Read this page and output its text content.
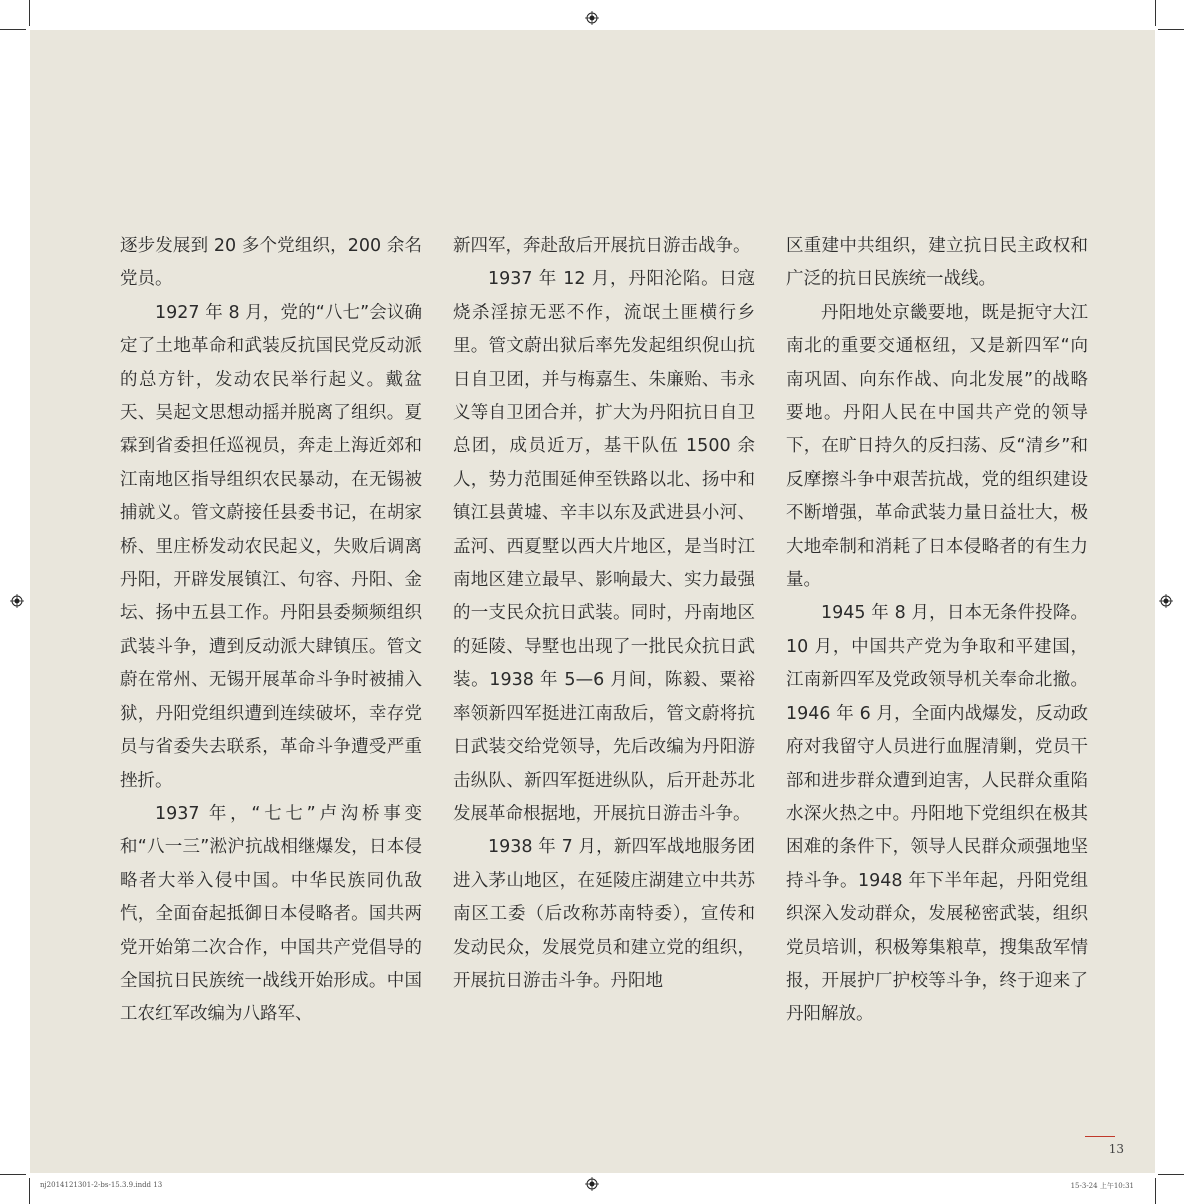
逐步发展到 20 多个党组织，200 余名党员。

1927 年 8 月，党的“八七”会议确定了土地革命和武装反抗国民党反动派的总方针，发动农民举行起义。戴盆天、吴起文思想动摇并脱离了组织。夏霖到省委担任巡视员，奔走上海近郊和江南地区指导组织农民暴动，在无锡被捕就义。管文蔚接任县委书记，在胡家桥、里庄桥发动农民起义，失败后调离丹阳，开辟发展镇江、句容、丹阳、金坛、扬中五县工作。丹阳县委频频组织武装斗争，遭到反动派大肆镇压。管文蔚在常州、无锡开展革命斗争时被捕入狱，丹阳党组织遭到连续破坏，幸存党员与省委失去联系，革命斗争遭受严重挫折。

1937 年，“七七”卢沟桥事变和“八一三”淞沪抗战相继爆发，日本侵略者大举入侵中国。中华民族同仇敌忾，全面奋起抵御日本侵略者。国共两党开始第二次合作，中国共产党倡导的全国抗日民族统一战线开始形成。中国工农红军改编为八路军、

新四军，奔赴敌后开展抗日游击战争。

1937 年 12 月，丹阳沦陷。日寇烧杀淫掠无恶不作，流氓土匪横行乡里。管文蔚出狱后率先发起组织倪山抗日自卫团，并与梅嘉生、朱廉贻、韦永义等自卫团合并，扩大为丹阳抗日自卫总团，成员近万，基干队伍 1500 余人，势力范围延伸至铁路以北、扬中和镇江县黄墟、辛丰以东及武进县小河、孟河、西夏墅以西大片地区，是当时江南地区建立最早、影响最大、实力最强的一支民众抗日武装。同时，丹南地区的延陵、导墅也出现了一批民众抗日武装。1938 年 5—6 月间，陈毅、粟裕率领新四军挺进江南敌后，管文蔚将抗日武装交给党领导，先后改编为丹阳游击纵队、新四军挺进纵队，后开赴苏北发展革命根据地，开展抗日游击斗争。

1938 年 7 月，新四军战地服务团进入茅山地区，在延陵庄湖建立中共苏南区工委（后改称苏南特委），宣传和发动民众，发展党员和建立党的组织，开展抗日游击斗争。丹阳地

区重建中共组织，建立抗日民主政权和广泛的抗日民族统一战线。

丹阳地处京畿要地，既是扼守大江南北的重要交通枢纽，又是新四军“向南巩固、向东作战、向北发展”的战略要地。丹阳人民在中国共产党的领导下，在旷日持久的反扫荡、反“清乡”和反摩擦斗争中艰苦抗战，党的组织建设不断增强，革命武装力量日益壮大，极大地牵制和消耗了日本侵略者的有生力量。

1945 年 8 月，日本无条件投降。10 月，中国共产党为争取和平建国，江南新四军及党政领导机关奉命北撤。1946 年 6 月，全面内战爆发，反动政府对我留守人员进行血腥清剿，党员干部和进步群众遭到迫害，人民群众重陷水深火热之中。丹阳地下党组织在极其困难的条件下，领导人民群众顽强地坚持斗争。1948 年下半年起，丹阳党组织深入发动群众，发展秘密武装，组织党员培训，积极筹集粮草，搜集敌军情报，开展护厂护校等斗争，终于迎来了丹阳解放。

13
nj2014121301-2-bs-15.3.9.indd 13	15-3-24 上午10:31
